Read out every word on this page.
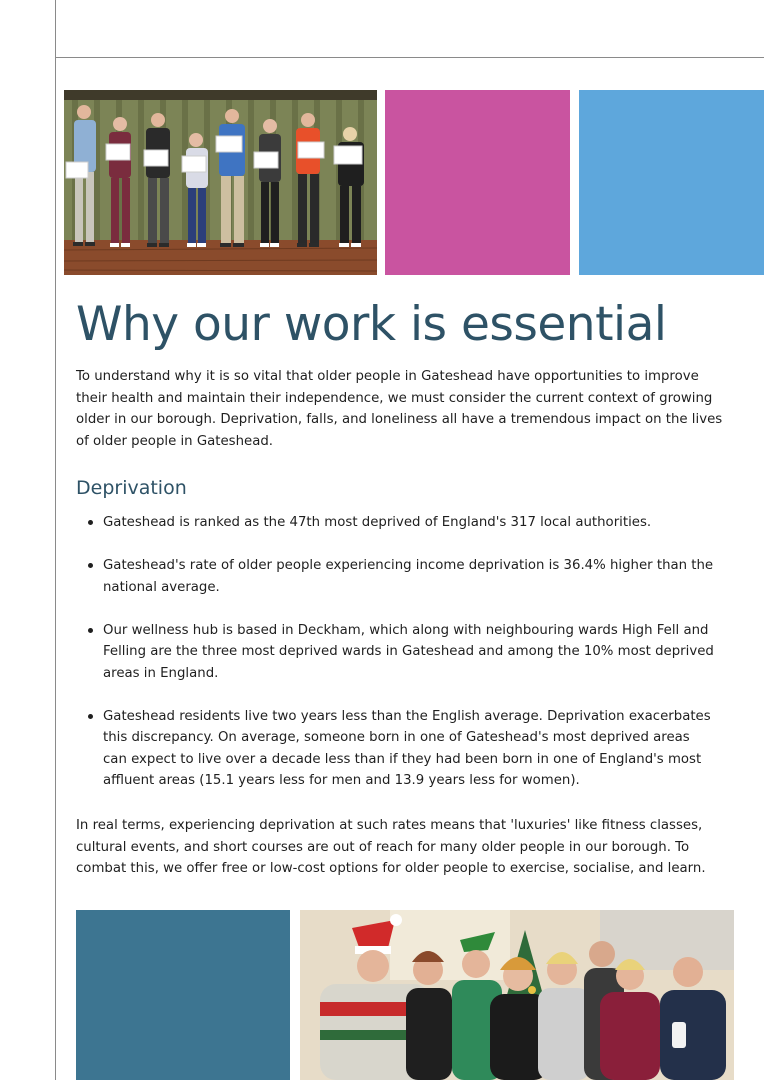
Why our work is essential

To understand why it is so vital that older people in Gateshead have opportunities to improve their health and maintain their independence, we must consider the current context of growing older in our borough. Deprivation, falls, and loneliness all have a tremendous impact on the lives of older people in Gateshead.

Deprivation
Gateshead is ranked as the 47th most deprived of England's 317 local authorities.
Gateshead's rate of older people experiencing income deprivation is 36.4% higher than the national average.
Our wellness hub is based in Deckham, which along with neighbouring wards High Fell and Felling are the three most deprived wards in Gateshead and among the 10% most deprived areas in England.
Gateshead residents live two years less than the English average. Deprivation exacerbates this discrepancy. On average, someone born in one of Gateshead's most deprived areas can expect to live over a decade less than if they had been born in one of England's most affluent areas (15.1 years less for men and 13.9 years less for women).

In real terms, experiencing deprivation at such rates means that 'luxuries' like fitness classes, cultural events, and short courses are out of reach for many older people in our borough. To combat this, we offer free or low-cost options for older people to exercise, socialise, and learn.
